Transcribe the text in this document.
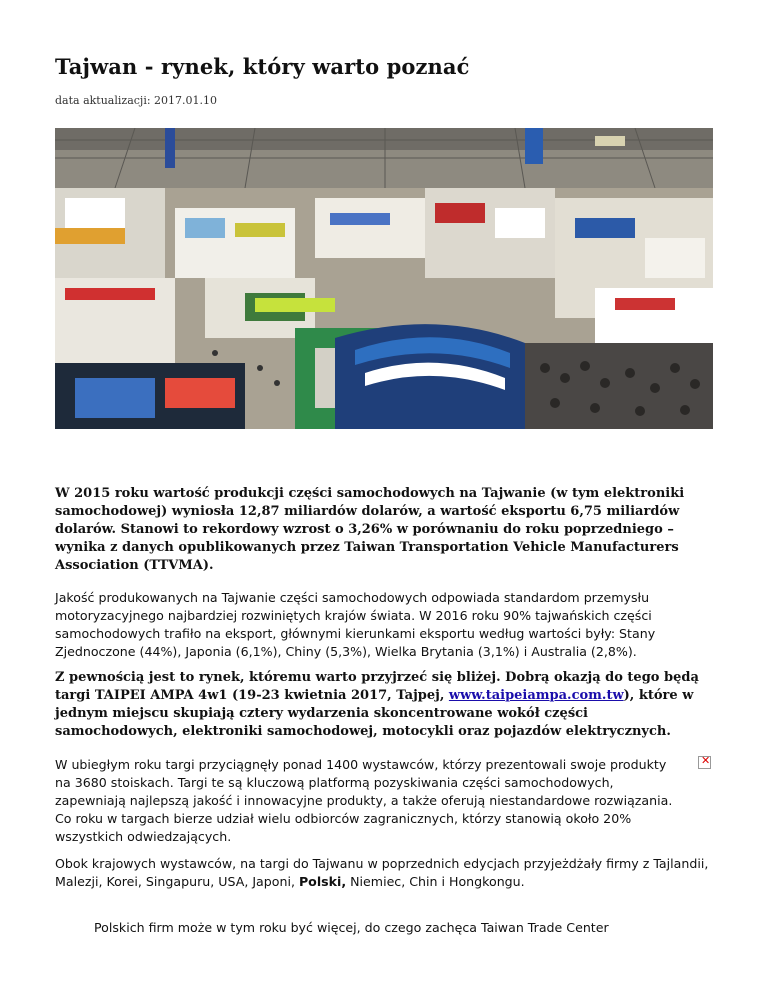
Tajwan - rynek, który warto poznać
data aktualizacji: 2017.01.10

W 2015 roku wartość produkcji części samochodowych na Tajwanie (w tym elektroniki samochodowej) wyniosła 12,87 miliardów dolarów, a wartość eksportu 6,75 miliardów dolarów. Stanowi to rekordowy wzrost o 3,26% w porównaniu do roku poprzedniego – wynika z danych opublikowanych przez Taiwan Transportation Vehicle Manufacturers Association (TTVMA).

Jakość produkowanych na Tajwanie części samochodowych odpowiada standardom przemysłu motoryzacyjnego najbardziej rozwiniętych krajów świata. W 2016 roku 90% tajwańskich części samochodowych trafiło na eksport, głównymi kierunkami eksportu według wartości były: Stany Zjednoczone (44%), Japonia (6,1%), Chiny (5,3%), Wielka Brytania (3,1%) i Australia (2,8%).

Z pewnością jest to rynek, któremu warto przyjrzeć się bliżej. Dobrą okazją do tego będą targi TAIPEI AMPA 4w1 (19-23 kwietnia 2017, Tajpej, www.taipeiampa.com.tw), które w jednym miejscu skupiają cztery wydarzenia skoncentrowane wokół części samochodowych, elektroniki samochodowej, motocykli oraz pojazdów elektrycznych.

✕

W ubiegłym roku targi przyciągnęły ponad 1400 wystawców, którzy prezentowali swoje produkty na 3680 stoiskach. Targi te są kluczową platformą pozyskiwania części samochodowych, zapewniają najlepszą jakość i innowacyjne produkty, a także oferują niestandardowe rozwiązania. Co roku w targach bierze udział wielu odbiorców zagranicznych, którzy stanowią około 20% wszystkich odwiedzających.

Obok krajowych wystawców, na targi do Tajwanu w poprzednich edycjach przyjeżdżały firmy z Tajlandii, Malezji, Korei, Singapuru, USA, Japoni, Polski, Niemiec, Chin i Hongkongu.

Polskich firm może w tym roku być więcej, do czego zachęca Taiwan Trade Center
